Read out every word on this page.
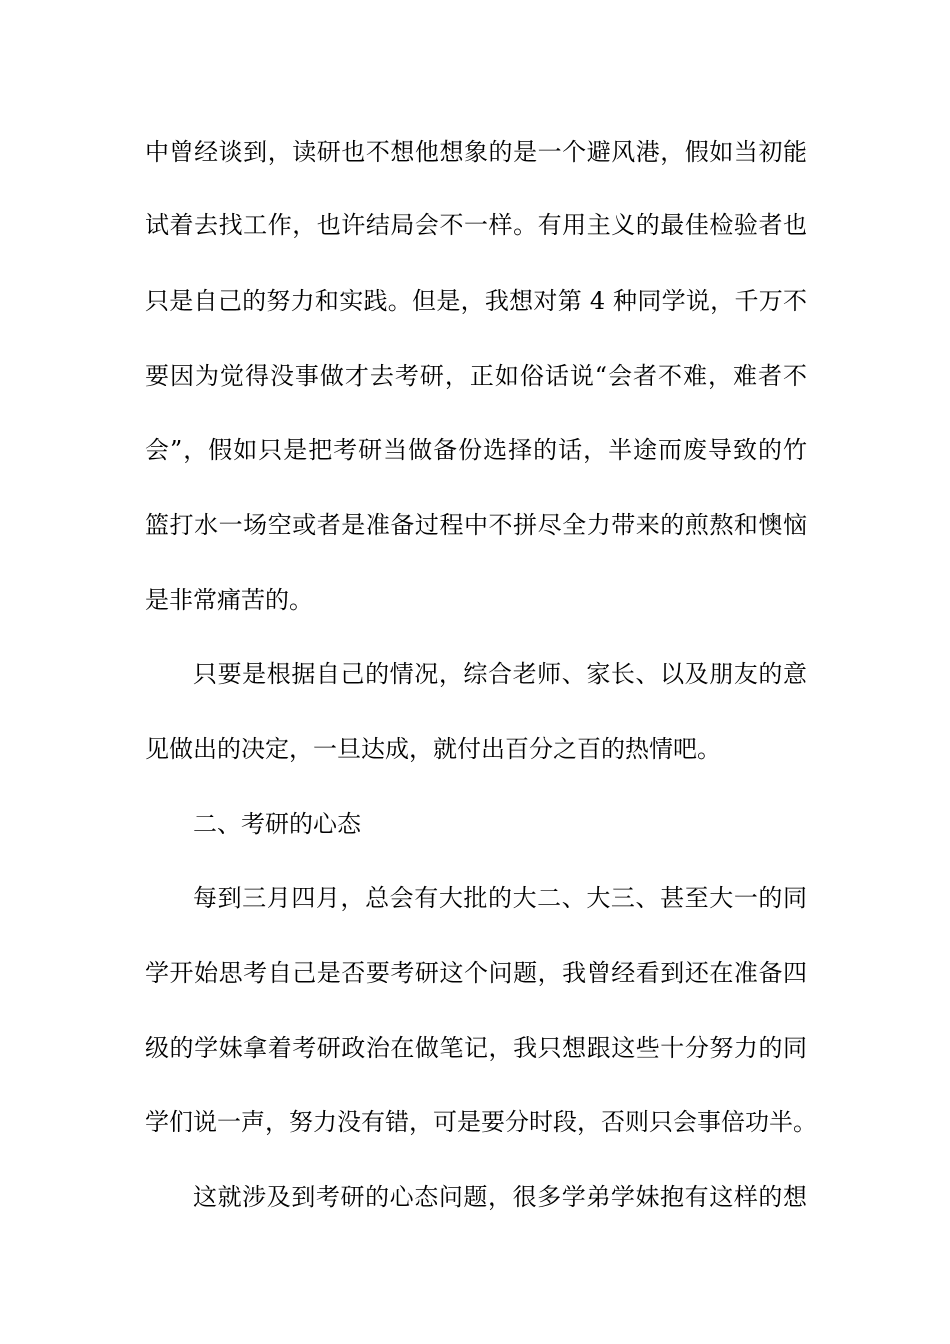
中曾经谈到，读研也不想他想象的是一个避风港，假如当初能
试着去找工作，也许结局会不一样。有用主义的最佳检验者也
只是自己的努力和实践。但是，我想对第 4 种同学说，千万不
要因为觉得没事做才去考研，正如俗话说“会者不难，难者不
会”，假如只是把考研当做备份选择的话，半途而废导致的竹
篮打水一场空或者是准备过程中不拼尽全力带来的煎熬和懊恼
是非常痛苦的。
只要是根据自己的情况，综合老师、家长、以及朋友的意
见做出的决定，一旦达成，就付出百分之百的热情吧。
二、考研的心态
每到三月四月，总会有大批的大二、大三、甚至大一的同
学开始思考自己是否要考研这个问题，我曾经看到还在准备四
级的学妹拿着考研政治在做笔记，我只想跟这些十分努力的同
学们说一声，努力没有错，可是要分时段，否则只会事倍功半。
这就涉及到考研的心态问题，很多学弟学妹抱有这样的想
